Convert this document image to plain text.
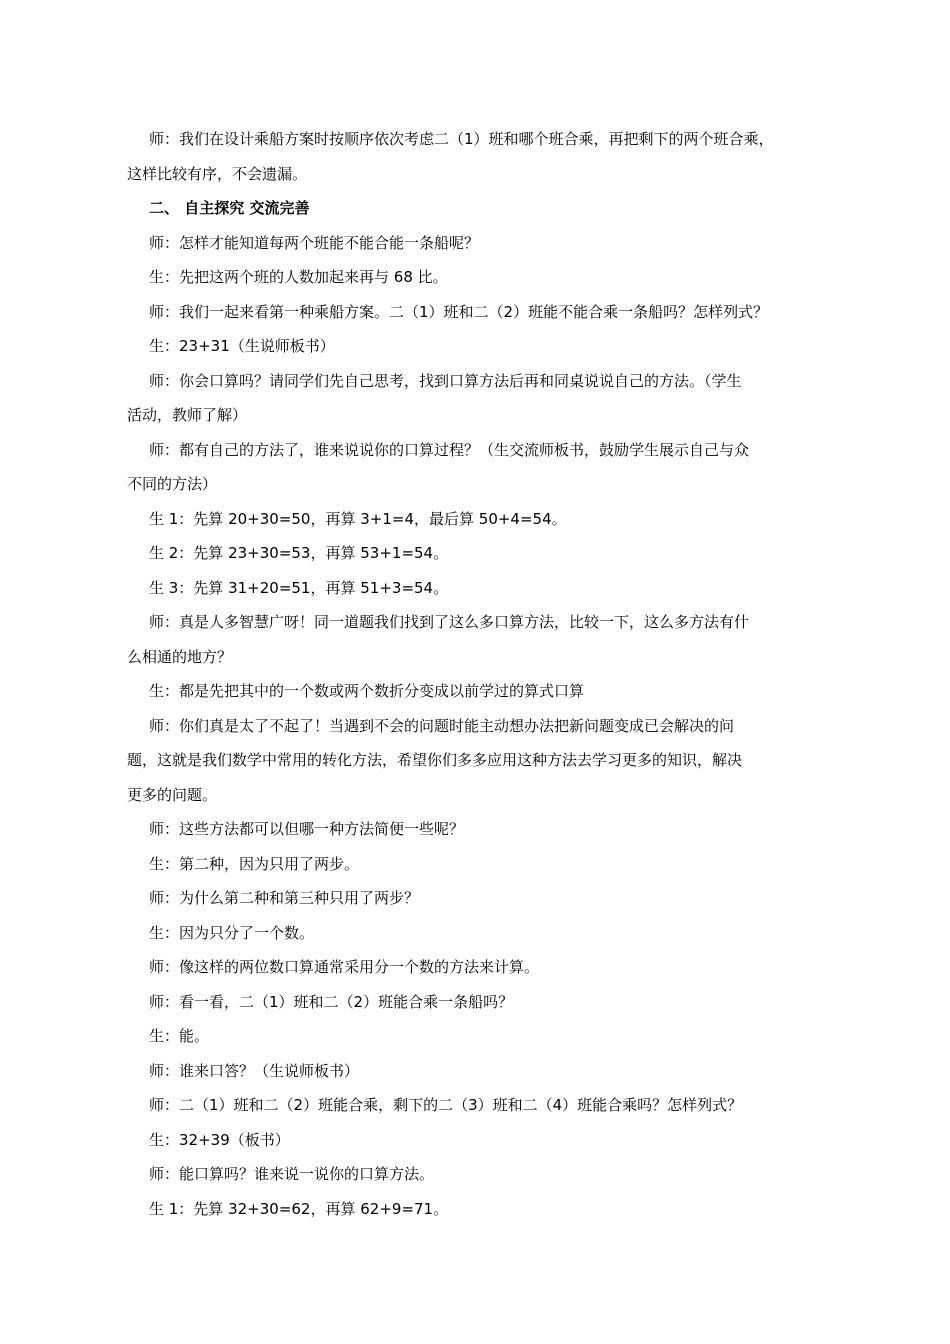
师：我们在设计乘船方案时按顺序依次考虑二（1）班和哪个班合乘，再把剩下的两个班合乘，
这样比较有序，不会遗漏。
二、 自主探究 交流完善
师：怎样才能知道每两个班能不能合能一条船呢？
生：先把这两个班的人数加起来再与 68 比。
师：我们一起来看第一种乘船方案。二（1）班和二（2）班能不能合乘一条船吗？怎样列式？
生：23+31（生说师板书）
师：你会口算吗？请同学们先自己思考，找到口算方法后再和同桌说说自己的方法。（学生
活动，教师了解）
师：都有自己的方法了，谁来说说你的口算过程？（生交流师板书，鼓励学生展示自己与众
不同的方法）
生 1：先算 20+30=50，再算 3+1=4，最后算 50+4=54。
生 2：先算 23+30=53，再算 53+1=54。
生 3：先算 31+20=51，再算 51+3=54。
师：真是人多智慧广呀！同一道题我们找到了这么多口算方法，比较一下，这么多方法有什
么相通的地方？
生：都是先把其中的一个数或两个数折分变成以前学过的算式口算
师：你们真是太了不起了！当遇到不会的问题时能主动想办法把新问题变成已会解决的问
题，这就是我们数学中常用的转化方法，希望你们多多应用这种方法去学习更多的知识，解决
更多的问题。
师：这些方法都可以但哪一种方法简便一些呢？
生：第二种，因为只用了两步。
师：为什么第二种和第三种只用了两步？
生：因为只分了一个数。
师：像这样的两位数口算通常采用分一个数的方法来计算。
师：看一看，二（1）班和二（2）班能合乘一条船吗？
生：能。
师：谁来口答？（生说师板书）
师：二（1）班和二（2）班能合乘，剩下的二（3）班和二（4）班能合乘吗？怎样列式？
生：32+39（板书）
师：能口算吗？谁来说一说你的口算方法。
生 1：先算 32+30=62，再算 62+9=71。
